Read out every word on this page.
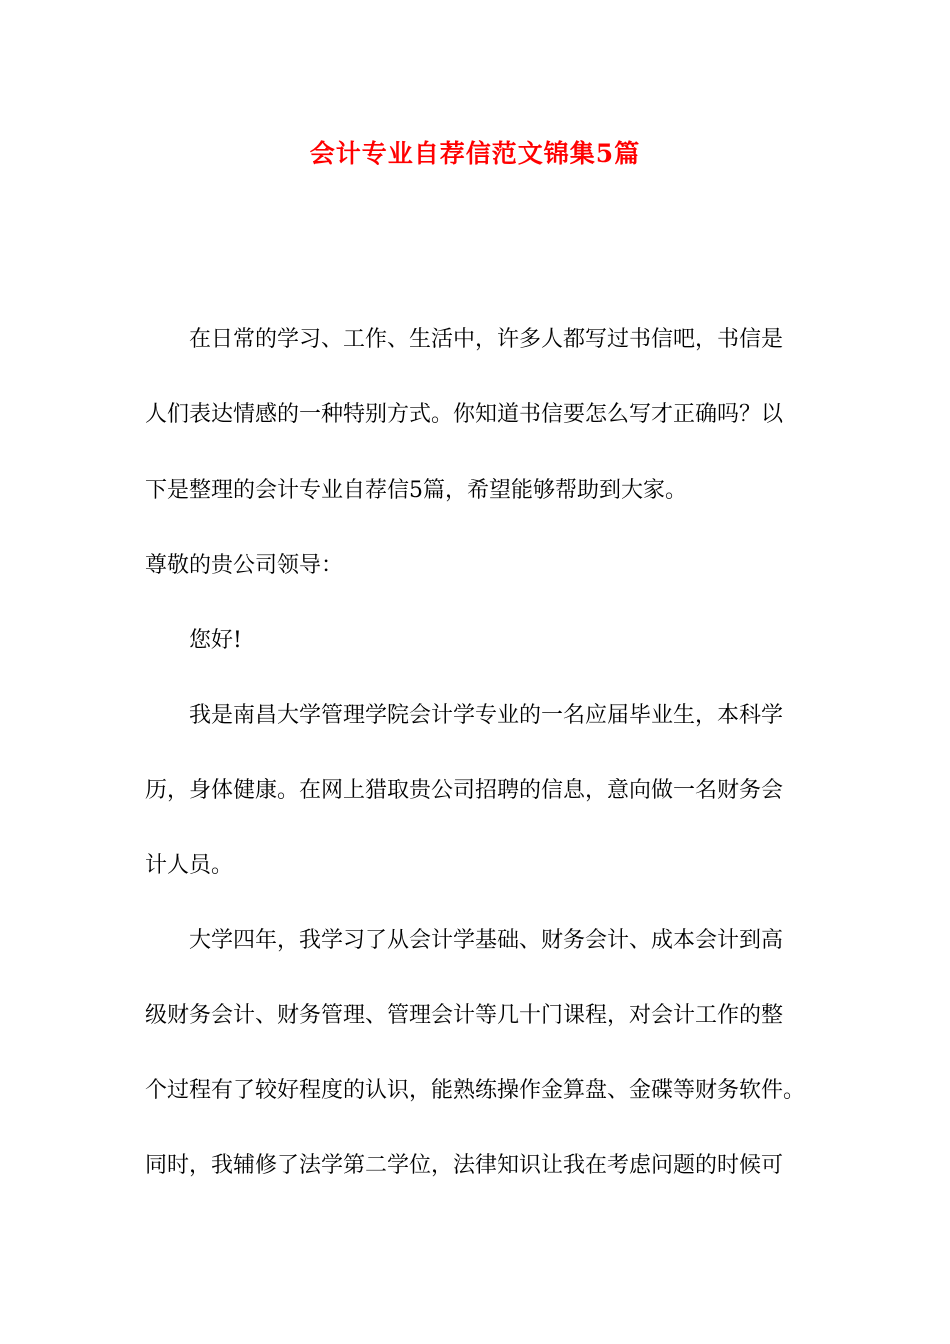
会计专业自荐信范文锦集5篇
在日常的学习、工作、生活中，许多人都写过书信吧，书信是
人们表达情感的一种特别方式。你知道书信要怎么写才正确吗？以
下是整理的会计专业自荐信5篇，希望能够帮助到大家。
尊敬的贵公司领导：
您好!
我是南昌大学管理学院会计学专业的一名应届毕业生，本科学
历，身体健康。在网上猎取贵公司招聘的信息，意向做一名财务会
计人员。
大学四年，我学习了从会计学基础、财务会计、成本会计到高
级财务会计、财务管理、管理会计等几十门课程，对会计工作的整
个过程有了较好程度的认识，能熟练操作金算盘、金碟等财务软件。
同时，我辅修了法学第二学位，法律知识让我在考虑问题的时候可
